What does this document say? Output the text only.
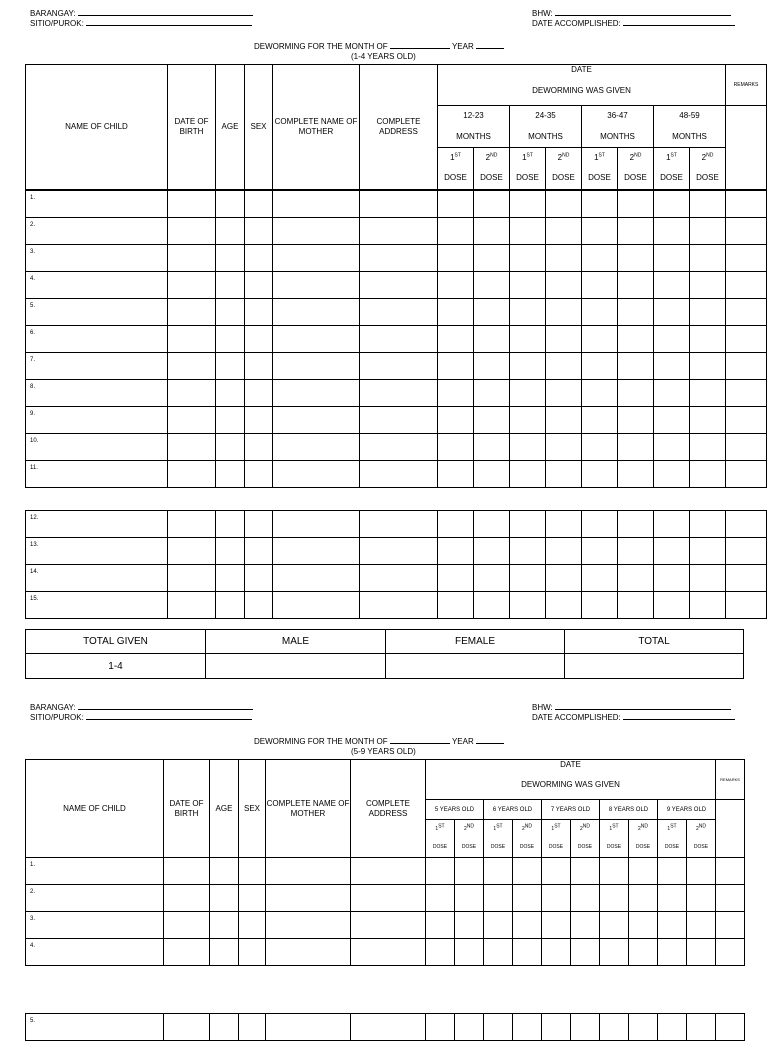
BARANGAY:
SITIO/PUROK:
BHW:
DATE ACCOMPLISHED:
DEWORMING FOR THE MONTH OF	YEAR
(1-4 YEARS OLD)
NAME OF CHILD	DATE OF BIRTH	AGE	SEX	COMPLETE NAME OF MOTHER	COMPLETE ADDRESS	DATE								REMARKS
						DEWORMING WAS GIVEN								
						12-23		24-35		36-47		48-59		
						MONTHS		MONTHS		MONTHS		MONTHS		
						1ST	2ND	1ST	2ND	1ST	2ND	1ST	2ND
						DOSE	DOSE	DOSE	DOSE	DOSE	DOSE	DOSE	DOSE	
1.														
2.														
3.														
4.														
5.														
6.														
7.														
8.														
9.														
10.														
11.														
12.														
13.														
14.														
15.														
TOTAL GIVEN	MALE	FEMALE	TOTAL
1-4			
BARANGAY:
SITIO/PUROK:
BHW:
DATE ACCOMPLISHED:
DEWORMING FOR THE MONTH OF	YEAR
(5-9 YEARS OLD)
NAME OF CHILD	DATE OF BIRTH	AGE	SEX	COMPLETE NAME OF MOTHER	COMPLETE ADDRESS	DATE										REMARKS
						DEWORMING WAS GIVEN										
						5 YEARS OLD		6 YEARS OLD		7 YEARS OLD		8 YEARS OLD		9 YEARS OLD		
						1ST	2ND	1ST	2ND	1ST	2ND	1ST	2ND	1ST	2ND
						DOSE	DOSE	DOSE	DOSE	DOSE	DOSE	DOSE	DOSE	DOSE	DOSE	
1.																
2.																
3.																
4.																
5.																
